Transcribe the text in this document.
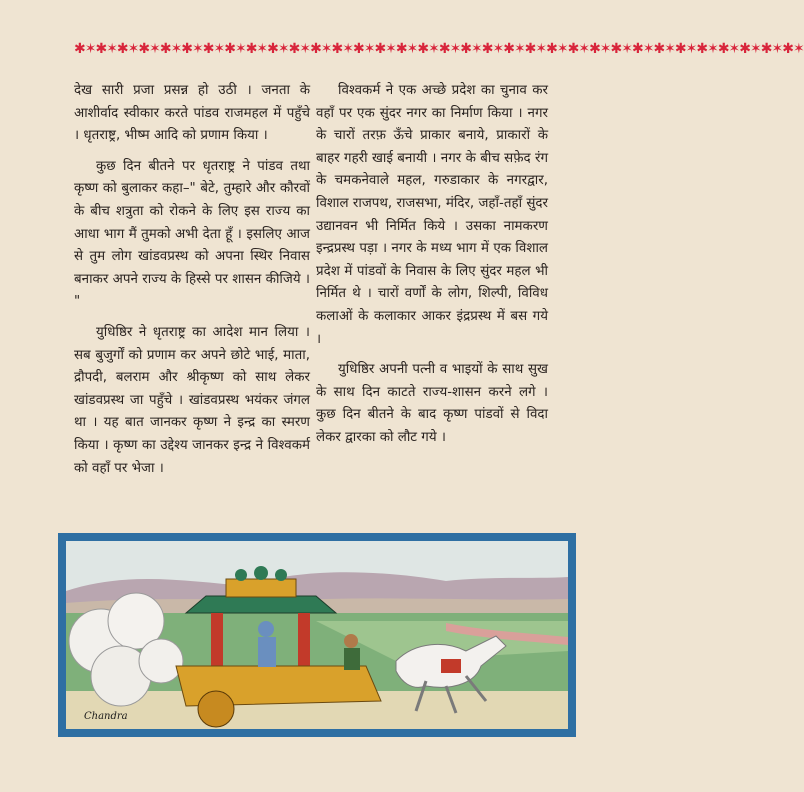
✱✶✱✶✱✶✱✶✱✶✱✶✱✶✱✶✱✶✱✶✱✶✱✶✱✶✱✶✱✶✱✶✱✶✱✶✱✶✱✶✱✶✱✶✱✶✱✶✱✶✱✶✱✶✱✶✱✶✱✶✱✶✱✶✱✶✱✶

देख सारी प्रजा प्रसन्न हो उठी । जनता के आशीर्वाद स्वीकार करते पांडव राजमहल में पहुँचे । धृतराष्ट्र, भीष्म आदि को प्रणाम किया ।

कुछ दिन बीतने पर धृतराष्ट्र ने पांडव तथा कृष्ण को बुलाकर कहा–" बेटे, तुम्हारे और कौरवों के बीच शत्रुता को रोकने के लिए इस राज्य का आधा भाग मैं तुमको अभी देता हूँ । इसलिए आज से तुम लोग खांडवप्रस्थ को अपना स्थिर निवास बनाकर अपने राज्य के हिस्से पर शासन कीजिये । "

युधिष्ठिर ने धृतराष्ट्र का आदेश मान लिया । सब बुजुर्गों को प्रणाम कर अपने छोटे भाई, माता, द्रौपदी, बलराम और श्रीकृष्ण को साथ लेकर खांडवप्रस्थ जा पहुँचे । खांडवप्रस्थ भयंकर जंगल था । यह बात जानकर कृष्ण ने इन्द्र का स्मरण किया । कृष्ण का उद्देश्य जानकर इन्द्र ने विश्वकर्म को वहाँ पर भेजा ।

विश्वकर्म ने एक अच्छे प्रदेश का चुनाव कर वहाँ पर एक सुंदर नगर का निर्माण किया । नगर के चारों तरफ़ ऊँचे प्राकार बनाये, प्राकारों के बाहर गहरी खाई बनायी । नगर के बीच सफ़ेद रंग के चमकनेवाले महल, गरुडाकार के नगरद्वार, विशाल राजपथ, राजसभा, मंदिर, जहाँ-तहाँ सुंदर उद्यानवन भी निर्मित किये । उसका नामकरण इन्द्रप्रस्थ पड़ा । नगर के मध्य भाग में एक विशाल प्रदेश में पांडवों के निवास के लिए सुंदर महल भी निर्मित थे । चारों वर्णों के लोग, शिल्पी, विविध कलाओं के कलाकार आकर इंद्रप्रस्थ में बस गये ।

युधिष्ठिर अपनी पत्नी व भाइयों के साथ सुख के साथ दिन काटते राज्य-शासन करने लगे । कुछ दिन बीतने के बाद कृष्ण पांडवों से विदा लेकर द्वारका को लौट गये ।

Chandra
